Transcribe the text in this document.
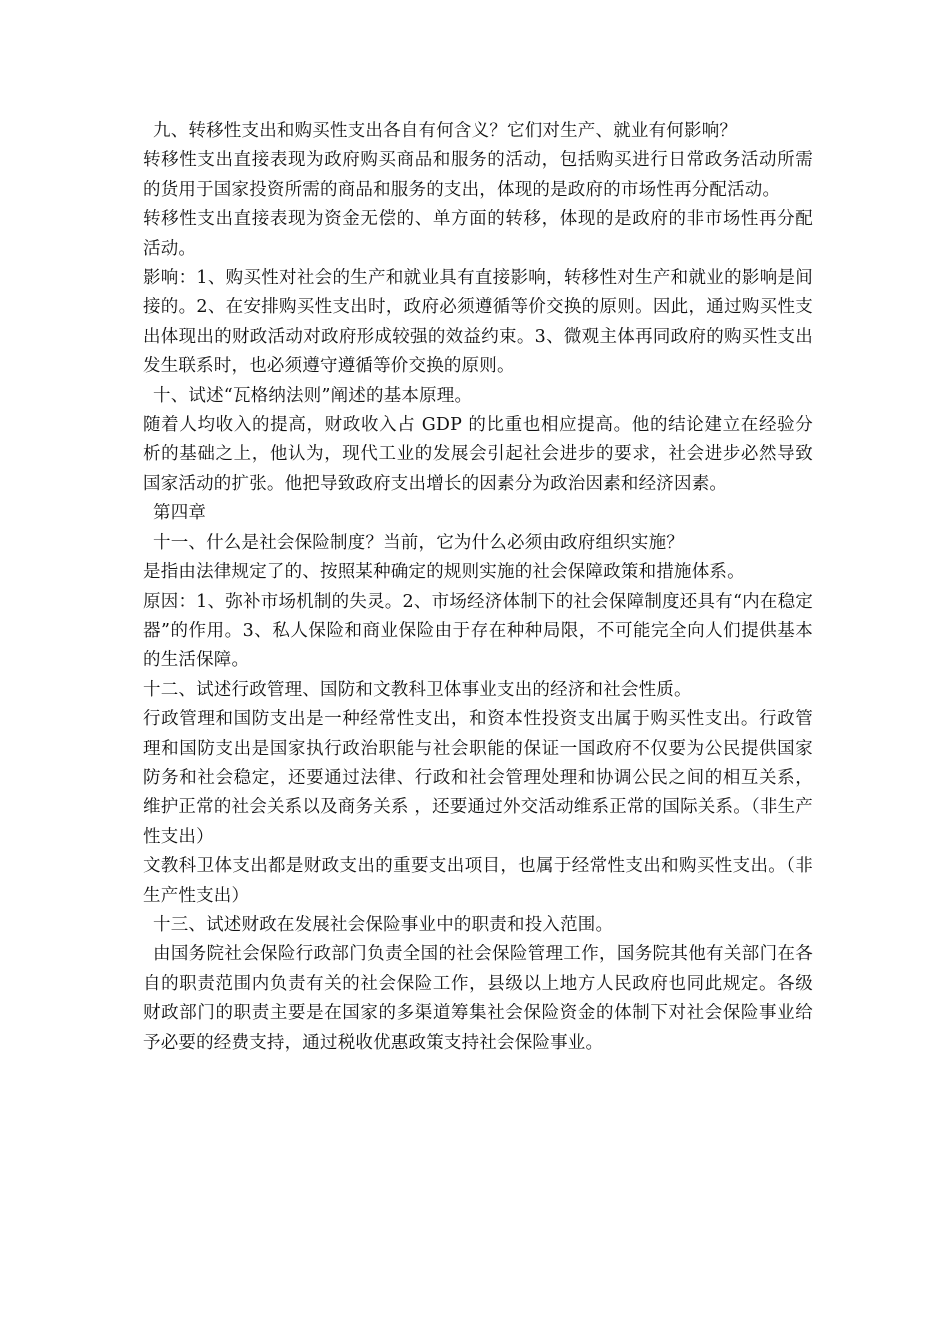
九、转移性支出和购买性支出各自有何含义？它们对生产、就业有何影响？

转移性支出直接表现为政府购买商品和服务的活动，包括购买进行日常政务活动所需的货用于国家投资所需的商品和服务的支出，体现的是政府的市场性再分配活动。

转移性支出直接表现为资金无偿的、单方面的转移，体现的是政府的非市场性再分配活动。

影响：1、购买性对社会的生产和就业具有直接影响，转移性对生产和就业的影响是间接的。2、在安排购买性支出时，政府必须遵循等价交换的原则。因此，通过购买性支出体现出的财政活动对政府形成较强的效益约束。3、微观主体再同政府的购买性支出发生联系时，也必须遵守遵循等价交换的原则。

十、试述“瓦格纳法则”阐述的基本原理。

随着人均收入的提高，财政收入占 GDP 的比重也相应提高。他的结论建立在经验分析的基础之上，他认为，现代工业的发展会引起社会进步的要求，社会进步必然导致国家活动的扩张。他把导致政府支出增长的因素分为政治因素和经济因素。

第四章

十一、什么是社会保险制度？当前，它为什么必须由政府组织实施？

是指由法律规定了的、按照某种确定的规则实施的社会保障政策和措施体系。

原因：1、弥补市场机制的失灵。2、市场经济体制下的社会保障制度还具有“内在稳定器”的作用。3、私人保险和商业保险由于存在种种局限，不可能完全向人们提供基本的生活保障。

十二、试述行政管理、国防和文教科卫体事业支出的经济和社会性质。

行政管理和国防支出是一种经常性支出，和资本性投资支出属于购买性支出。行政管理和国防支出是国家执行政治职能与社会职能的保证一国政府不仅要为公民提供国家防务和社会稳定，还要通过法律、行政和社会管理处理和协调公民之间的相互关系，维护正常的社会关系以及商务关系 ，还要通过外交活动维系正常的国际关系。（非生产性支出）

文教科卫体支出都是财政支出的重要支出项目，也属于经常性支出和购买性支出。（非生产性支出）

十三、试述财政在发展社会保险事业中的职责和投入范围。

由国务院社会保险行政部门负责全国的社会保险管理工作，国务院其他有关部门在各自的职责范围内负责有关的社会保险工作，县级以上地方人民政府也同此规定。各级财政部门的职责主要是在国家的多渠道筹集社会保险资金的体制下对社会保险事业给予必要的经费支持，通过税收优惠政策支持社会保险事业。
